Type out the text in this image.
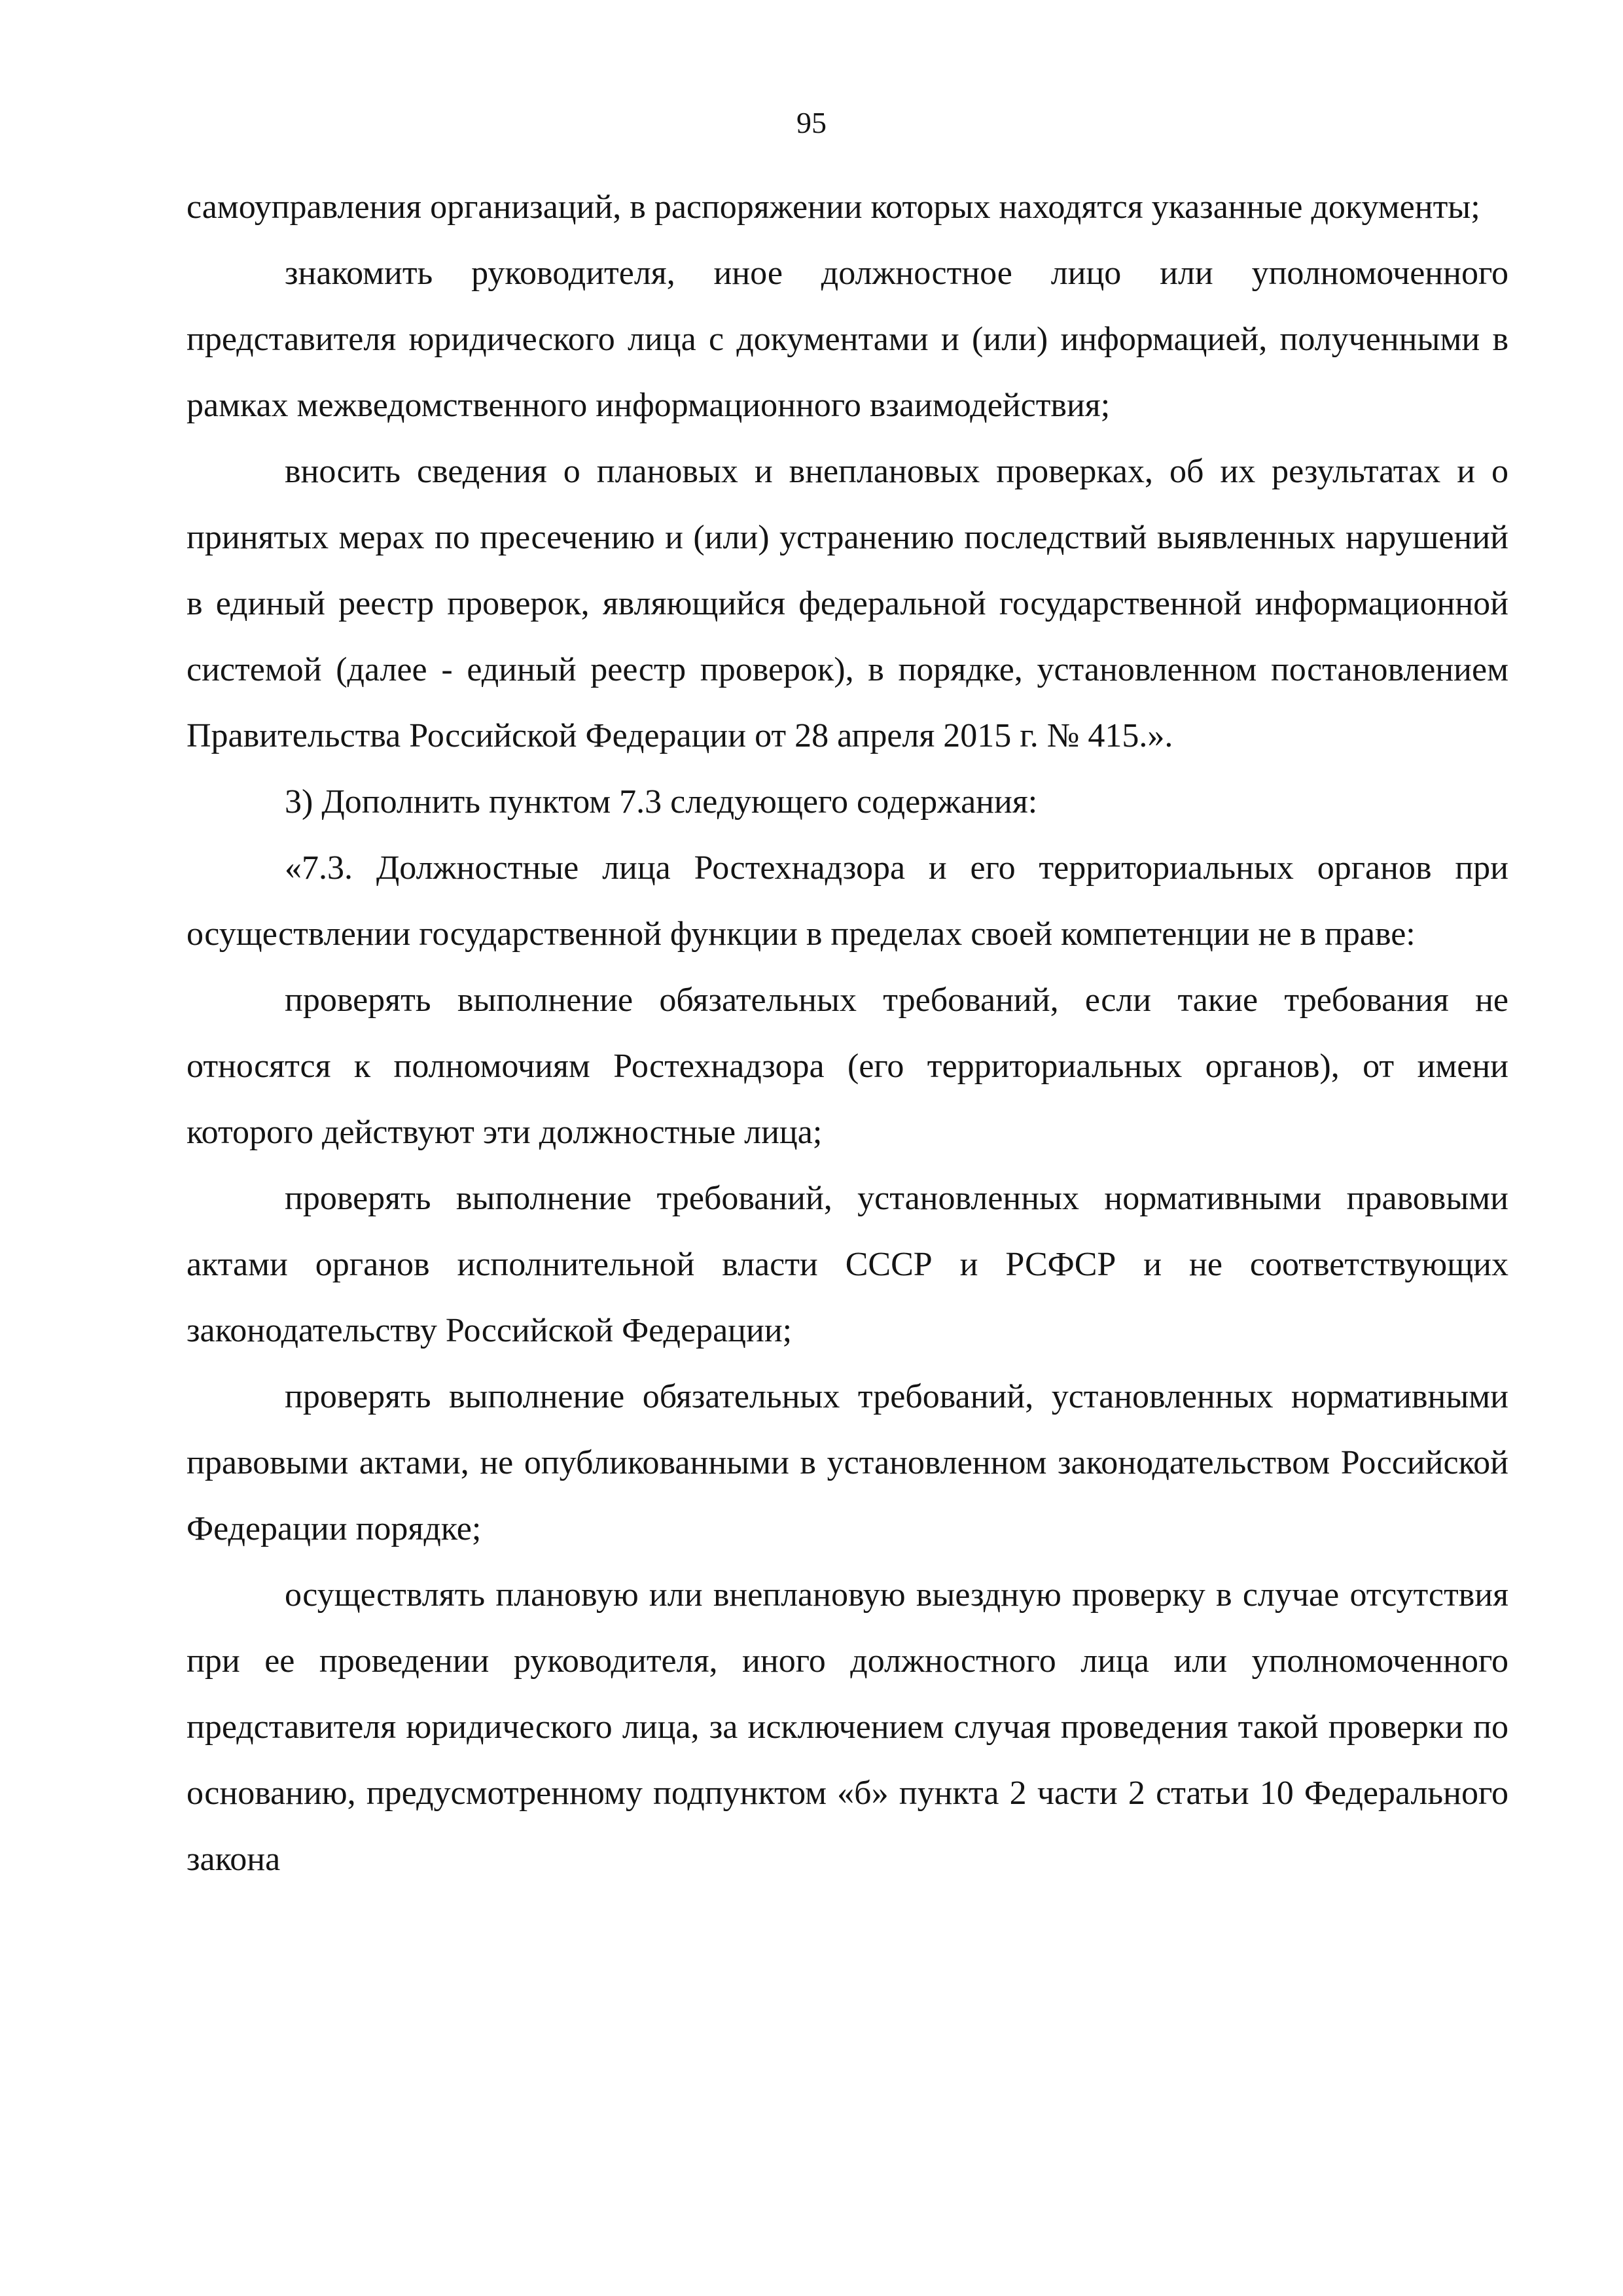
95

самоуправления организаций, в распоряжении которых находятся указанные документы;

знакомить руководителя, иное должностное лицо или уполномоченного представителя юридического лица с документами и (или) информацией, полученными в рамках межведомственного информационного взаимодействия;

вносить сведения о плановых и внеплановых проверках, об их результатах и о принятых мерах по пресечению и (или) устранению последствий выявленных нарушений в единый реестр проверок, являющийся федеральной государственной информационной системой (далее - единый реестр проверок), в порядке, установленном постановлением Правительства Российской Федерации от 28 апреля 2015 г. № 415.».

3) Дополнить пунктом 7.3 следующего содержания:

«7.3. Должностные лица Ростехнадзора и его территориальных органов при осуществлении государственной функции в пределах своей компетенции не в праве:

проверять выполнение обязательных требований, если такие требования не относятся к полномочиям Ростехнадзора (его территориальных органов), от имени которого действуют эти должностные лица;

проверять выполнение требований, установленных нормативными правовыми актами органов исполнительной власти СССР и РСФСР и не соответствующих законодательству Российской Федерации;

проверять выполнение обязательных требований, установленных нормативными правовыми актами, не опубликованными в установленном законодательством Российской Федерации порядке;

осуществлять плановую или внеплановую выездную проверку в случае отсутствия при ее проведении руководителя, иного должностного лица или уполномоченного представителя юридического лица, за исключением случая проведения такой проверки по основанию, предусмотренному подпунктом «б» пункта 2 части 2 статьи 10 Федерального закона
